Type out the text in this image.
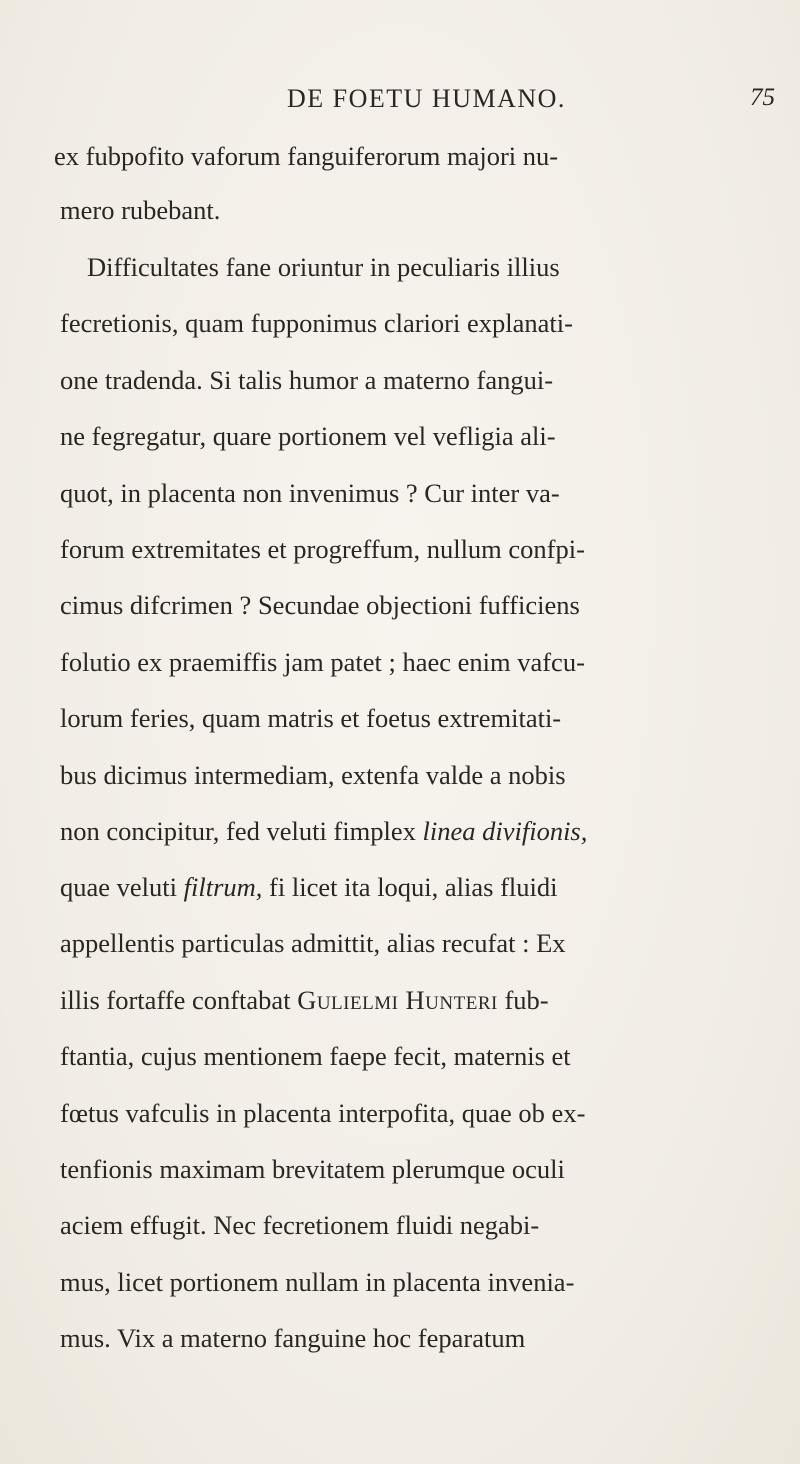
DE FOETU HUMANO.	75
ex fubpofito vaforum fanguiferorum majori nu-
mero rubebant.
Difficultates fane oriuntur in peculiaris illius
fecretionis, quam fupponimus clariori explanati-
one tradenda. Si talis humor a materno fangui-
ne fegregatur, quare portionem vel vefligia ali-
quot, in placenta non invenimus ? Cur inter va-
forum extremitates et progreffum, nullum confpi-
cimus difcrimen ? Secundae objectioni fufficiens
folutio ex praemiffis jam patet ; haec enim vafcu-
lorum feries, quam matris et foetus extremitati-
bus dicimus intermediam, extenfa valde a nobis
non concipitur, fed veluti fimplex linea divifionis,
quae veluti filtrum, fi licet ita loqui, alias fluidi
appellentis particulas admittit, alias recufat : Ex
illis fortaffe conftabat Gulielmi Hunteri fub-
ftantia, cujus mentionem faepe fecit, maternis et
fœtus vafculis in placenta interpofita, quae ob ex-
tenfionis maximam brevitatem plerumque oculi
aciem effugit. Nec fecretionem fluidi negabi-
mus, licet portionem nullam in placenta invenia-
mus. Vix a materno fanguine hoc feparatum
